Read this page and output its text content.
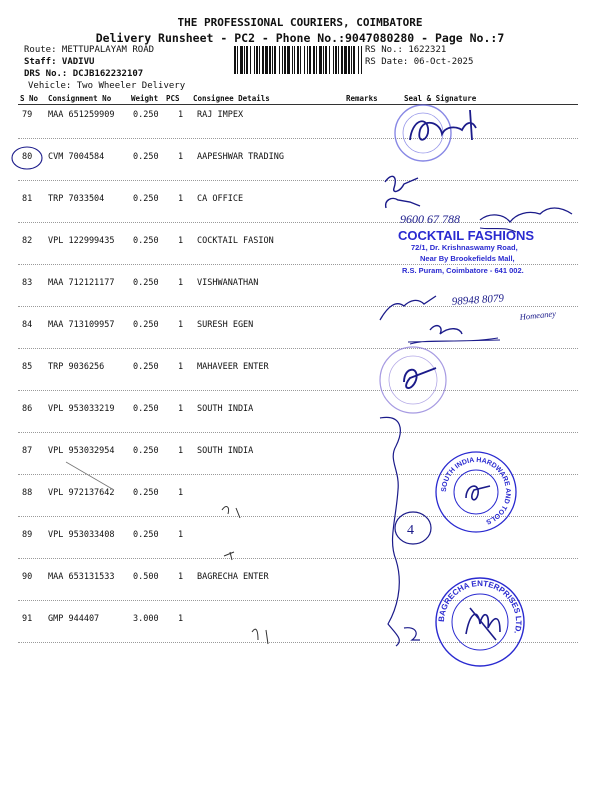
THE PROFESSIONAL COURIERS, COIMBATORE
Delivery Runsheet - PC2 - Phone No.:9047080280 - Page No.:7
Route: METTUPALAYAM ROAD
Staff: VADIVU
DRS No.: DCJB162232107
Vehicle: Two Wheeler Delivery
RS No.: 1622321
RS Date: 06-Oct-2025
S No Consignment No	Weight PCS Consignee Details	Remarks	Seal & Signature
79 MAA 651259909 0.250 1 RAJ IMPEX
80 CVM 7004584	0.250 1 AAPESHWAR TRADING
81 TRP 7033504	0.250 1 CA OFFICE
82 VPL 122999435 0.250 1 COCKTAIL FASION
83 MAA 712121177 0.250 1 VISHWANATHAN
84 MAA 713109957 0.250 1 SURESH EGEN
85 TRP 9036256	0.250 1 MAHAVEER ENTER
86 VPL 953033219 0.250 1 SOUTH INDIA
87 VPL 953032954 0.250 1 SOUTH INDIA
88 VPL 972137642 0.250 1
89 VPL 953033408 0.250 1
90 MAA 653131533 0.500 1 BAGRECHA ENTER
91 GMP 944407	3.000 1
COCKTAIL FASHIONS
72/1, Dr. Krishnaswamy Road,
Near By Brookefields Mall,
R.S. Puram, Coimbatore - 641 002.
9600 67 788
98948 8079
Homeaney
SOUTH INDIA HARDWARE AND TOOLS
4
BAGRECHA ENTERPRISES LTD.
